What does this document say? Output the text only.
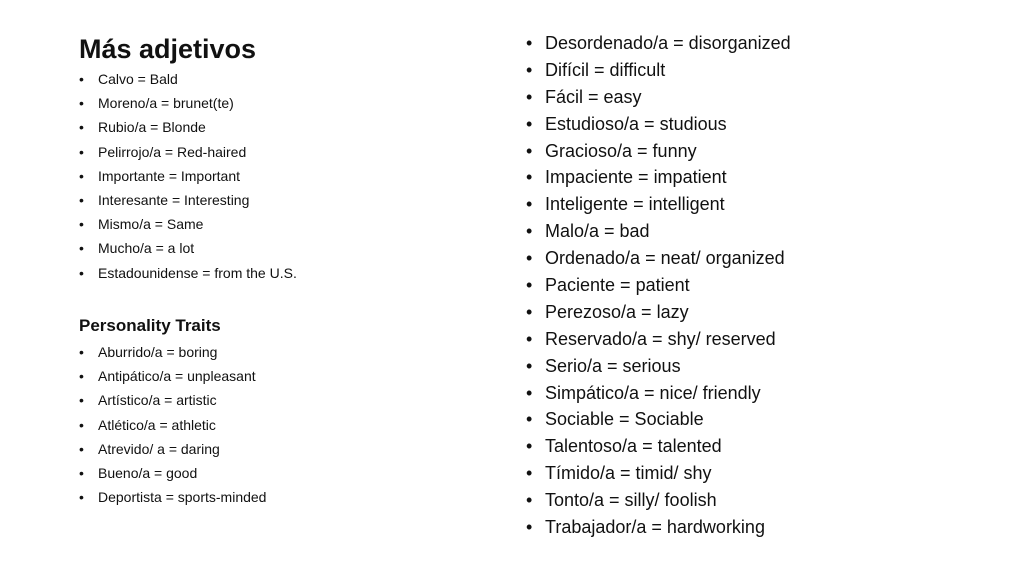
Más adjetivos
• Calvo = Bald
• Moreno/a = brunet(te)
• Rubio/a = Blonde
• Pelirrojo/a = Red-haired
• Importante = Important
• Interesante = Interesting
• Mismo/a = Same
• Mucho/a = a lot
• Estadounidense = from the U.S.
Personality Traits
• Aburrido/a = boring
• Antipático/a = unpleasant
• Artístico/a = artistic
• Atlético/a = athletic
• Atrevido/ a = daring
• Bueno/a = good
• Deportista = sports-minded
• Desordenado/a = disorganized
• Difícil = difficult
• Fácil = easy
• Estudioso/a = studious
• Gracioso/a = funny
• Impaciente = impatient
• Inteligente = intelligent
• Malo/a = bad
• Ordenado/a = neat/ organized
• Paciente = patient
• Perezoso/a = lazy
• Reservado/a = shy/ reserved
• Serio/a = serious
• Simpático/a = nice/ friendly
• Sociable = Sociable
• Talentoso/a = talented
• Tímido/a = timid/ shy
• Tonto/a = silly/ foolish
• Trabajador/a = hardworking
